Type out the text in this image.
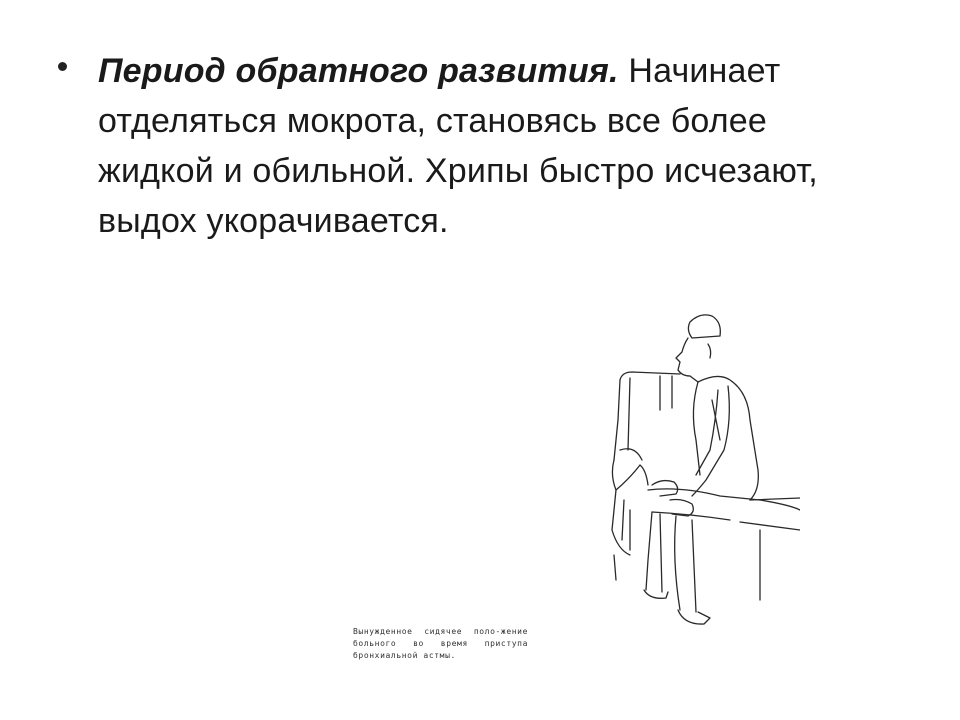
Период обратного развития. Начинает отделяться мокрота, становясь все более жидкой и обильной. Хрипы быстро исчезают, выдох укорачивается.
Вынужденное сидячее поло-жение больного во время приступа бронхиальной астмы.
